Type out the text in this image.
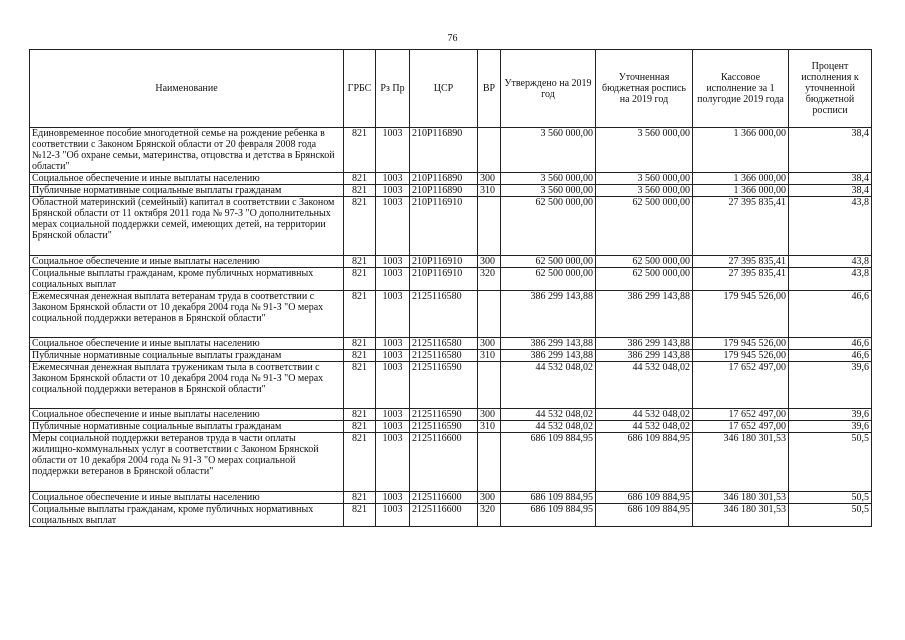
76
Наименование	ГРБС	Рз Пр	ЦСР	ВР	Утверждено на 2019 год	Уточненная бюджетная роспись на 2019 год	Кассовое исполнение за 1 полугодие 2019 года	Процент исполнения к уточненной бюджетной росписи
Единовременное пособие многодетной семье на рождение ребенка в соответствии с Законом Брянской области от 20 февраля 2008 года №12-З "Об охране семьи, материнства, отцовства и детства в Брянской области"	821	1003	210Р116890		3 560 000,00	3 560 000,00	1 366 000,00	38,4
Социальное обеспечение и иные выплаты населению	821	1003	210Р116890	300	3 560 000,00	3 560 000,00	1 366 000,00	38,4
Публичные нормативные социальные выплаты гражданам	821	1003	210Р116890	310	3 560 000,00	3 560 000,00	1 366 000,00	38,4
Областной материнский (семейный) капитал в соответствии с Законом Брянской области от 11 октября 2011 года № 97-З "О дополнительных мерах социальной поддержки семей, имеющих детей, на территории Брянской области"	821	1003	210Р116910		62 500 000,00	62 500 000,00	27 395 835,41	43,8
Социальное обеспечение и иные выплаты населению	821	1003	210Р116910	300	62 500 000,00	62 500 000,00	27 395 835,41	43,8
Социальные выплаты гражданам, кроме публичных нормативных социальных выплат	821	1003	210Р116910	320	62 500 000,00	62 500 000,00	27 395 835,41	43,8
Ежемесячная денежная выплата ветеранам труда в соответствии с Законом Брянской области от 10 декабря 2004 года № 91-З "О мерах социальной поддержки ветеранов в Брянской области"	821	1003	2125116580		386 299 143,88	386 299 143,88	179 945 526,00	46,6
Социальное обеспечение и иные выплаты населению	821	1003	2125116580	300	386 299 143,88	386 299 143,88	179 945 526,00	46,6
Публичные нормативные социальные выплаты гражданам	821	1003	2125116580	310	386 299 143,88	386 299 143,88	179 945 526,00	46,6
Ежемесячная денежная выплата труженикам тыла в соответствии с Законом Брянской области от 10 декабря 2004 года № 91-З "О мерах социальной поддержки ветеранов в Брянской области"	821	1003	2125116590		44 532 048,02	44 532 048,02	17 652 497,00	39,6
Социальное обеспечение и иные выплаты населению	821	1003	2125116590	300	44 532 048,02	44 532 048,02	17 652 497,00	39,6
Публичные нормативные социальные выплаты гражданам	821	1003	2125116590	310	44 532 048,02	44 532 048,02	17 652 497,00	39,6
Меры социальной поддержки ветеранов труда в части оплаты жилищно-коммунальных услуг в соответствии с Законом Брянской области от 10 декабря 2004 года № 91-З "О мерах социальной поддержки ветеранов в Брянской области"	821	1003	2125116600		686 109 884,95	686 109 884,95	346 180 301,53	50,5
Социальное обеспечение и иные выплаты населению	821	1003	2125116600	300	686 109 884,95	686 109 884,95	346 180 301,53	50,5
Социальные выплаты гражданам, кроме публичных нормативных социальных выплат	821	1003	2125116600	320	686 109 884,95	686 109 884,95	346 180 301,53	50,5
